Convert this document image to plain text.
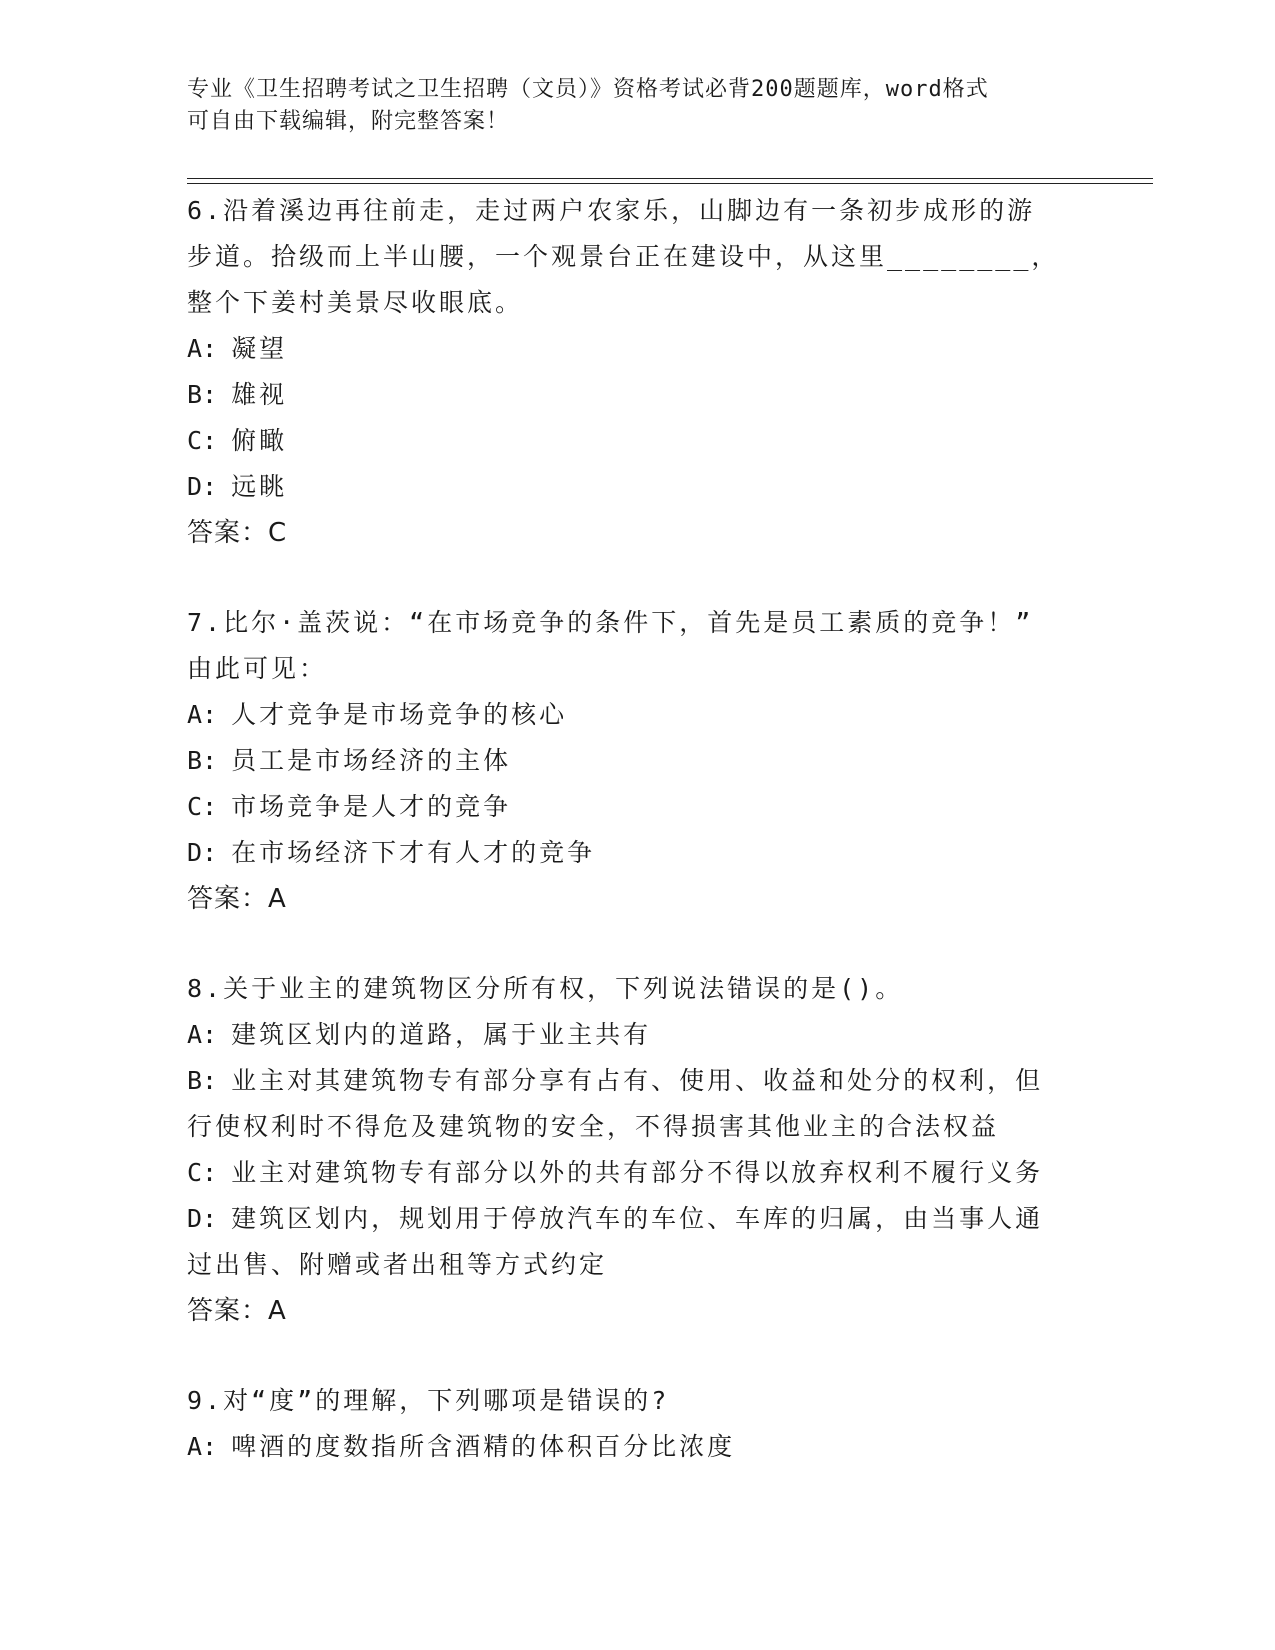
专业《卫生招聘考试之卫生招聘（文员）》资格考试必背200题题库，word格式
可自由下载编辑，附完整答案！
6.沿着溪边再往前走，走过两户农家乐，山脚边有一条初步成形的游
步道。拾级而上半山腰，一个观景台正在建设中，从这里________，
整个下姜村美景尽收眼底。
A: 凝望
B: 雄视
C: 俯瞰
D: 远眺
答案：C
7.比尔·盖茨说：“在市场竞争的条件下，首先是员工素质的竞争！”
由此可见：
A: 人才竞争是市场竞争的核心
B: 员工是市场经济的主体
C: 市场竞争是人才的竞争
D: 在市场经济下才有人才的竞争
答案：A
8.关于业主的建筑物区分所有权，下列说法错误的是()。
A: 建筑区划内的道路，属于业主共有
B: 业主对其建筑物专有部分享有占有、使用、收益和处分的权利，但
行使权利时不得危及建筑物的安全，不得损害其他业主的合法权益
C: 业主对建筑物专有部分以外的共有部分不得以放弃权利不履行义务
D: 建筑区划内，规划用于停放汽车的车位、车库的归属，由当事人通
过出售、附赠或者出租等方式约定
答案：A
9.对“度”的理解，下列哪项是错误的?
A: 啤酒的度数指所含酒精的体积百分比浓度
